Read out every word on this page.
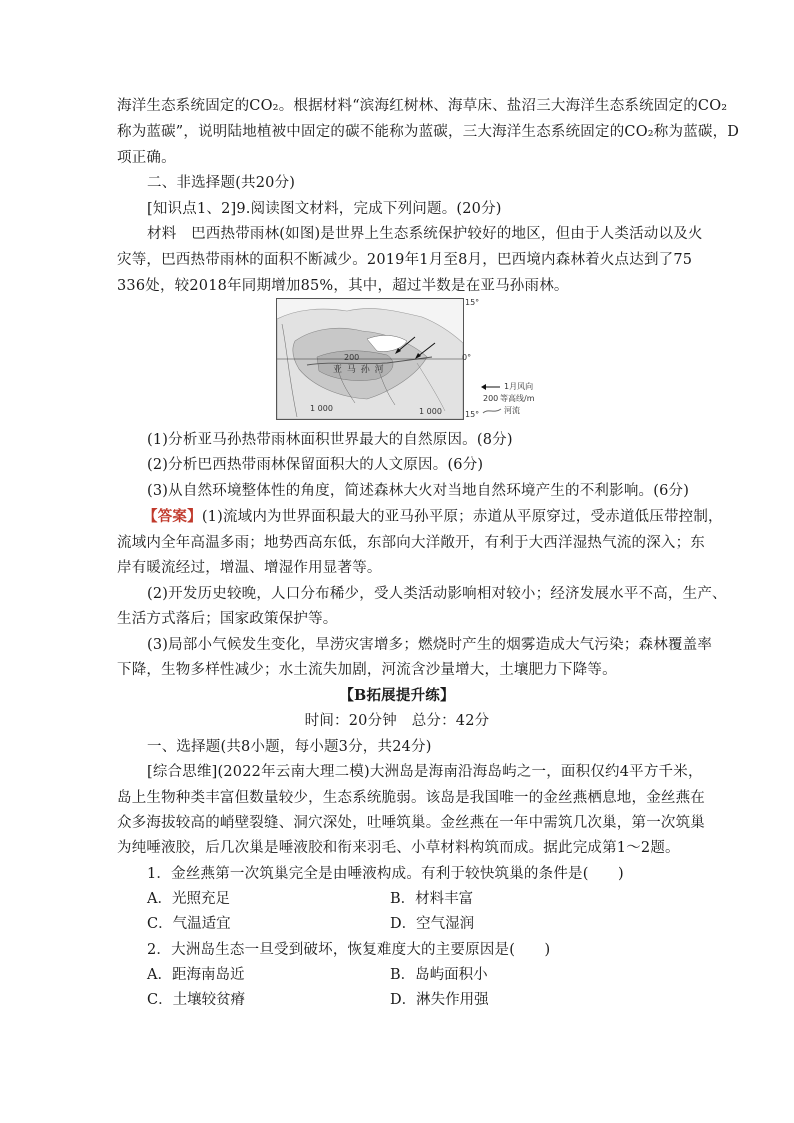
海洋生态系统固定的CO₂。根据材料“滨海红树林、海草床、盐沼三大海洋生态系统固定的CO₂
称为蓝碳”，说明陆地植被中固定的碳不能称为蓝碳，三大海洋生态系统固定的CO₂称为蓝碳，D
项正确。
二、非选择题(共20分)
[知识点1、2]9.阅读图文材料，完成下列问题。(20分)
材料　巴西热带雨林(如图)是世界上生态系统保护较好的地区，但由于人类活动以及火
灾等，巴西热带雨林的面积不断减少。2019年1月至8月，巴西境内森林着火点达到了75
336处，较2018年同期增加85%，其中，超过半数是在亚马孙雨林。
200
亚 马 孙 河
1 000	1 000
15°
0°
15°
1月风向
200 等高线/m
河流
(1)分析亚马孙热带雨林面积世界最大的自然原因。(8分)
(2)分析巴西热带雨林保留面积大的人文原因。(6分)
(3)从自然环境整体性的角度，简述森林大火对当地自然环境产生的不利影响。(6分)
【答案】(1)流域内为世界面积最大的亚马孙平原；赤道从平原穿过，受赤道低压带控制，
流域内全年高温多雨；地势西高东低，东部向大洋敞开，有利于大西洋湿热气流的深入；东
岸有暖流经过，增温、增湿作用显著等。
(2)开发历史较晚，人口分布稀少，受人类活动影响相对较小；经济发展水平不高，生产、
生活方式落后；国家政策保护等。
(3)局部小气候发生变化，旱涝灾害增多；燃烧时产生的烟雾造成大气污染；森林覆盖率
下降，生物多样性减少；水土流失加剧，河流含沙量增大，土壤肥力下降等。
【B拓展提升练】
时间：20分钟　总分：42分
一、选择题(共8小题，每小题3分，共24分)
[综合思维](2022年云南大理二模)大洲岛是海南沿海岛屿之一，面积仅约4平方千米，
岛上生物种类丰富但数量较少，生态系统脆弱。该岛是我国唯一的金丝燕栖息地，金丝燕在
众多海拔较高的峭壁裂缝、洞穴深处，吐唾筑巢。金丝燕在一年中需筑几次巢，第一次筑巢
为纯唾液胶，后几次巢是唾液胶和衔来羽毛、小草材料构筑而成。据此完成第1～2题。
1．金丝燕第一次筑巢完全是由唾液构成。有利于较快筑巢的条件是(　　)
A．光照充足	B．材料丰富
C．气温适宜	D．空气湿润
2．大洲岛生态一旦受到破坏，恢复难度大的主要原因是(　　)
A．距海南岛近	B．岛屿面积小
C．土壤较贫瘠	D．淋失作用强
